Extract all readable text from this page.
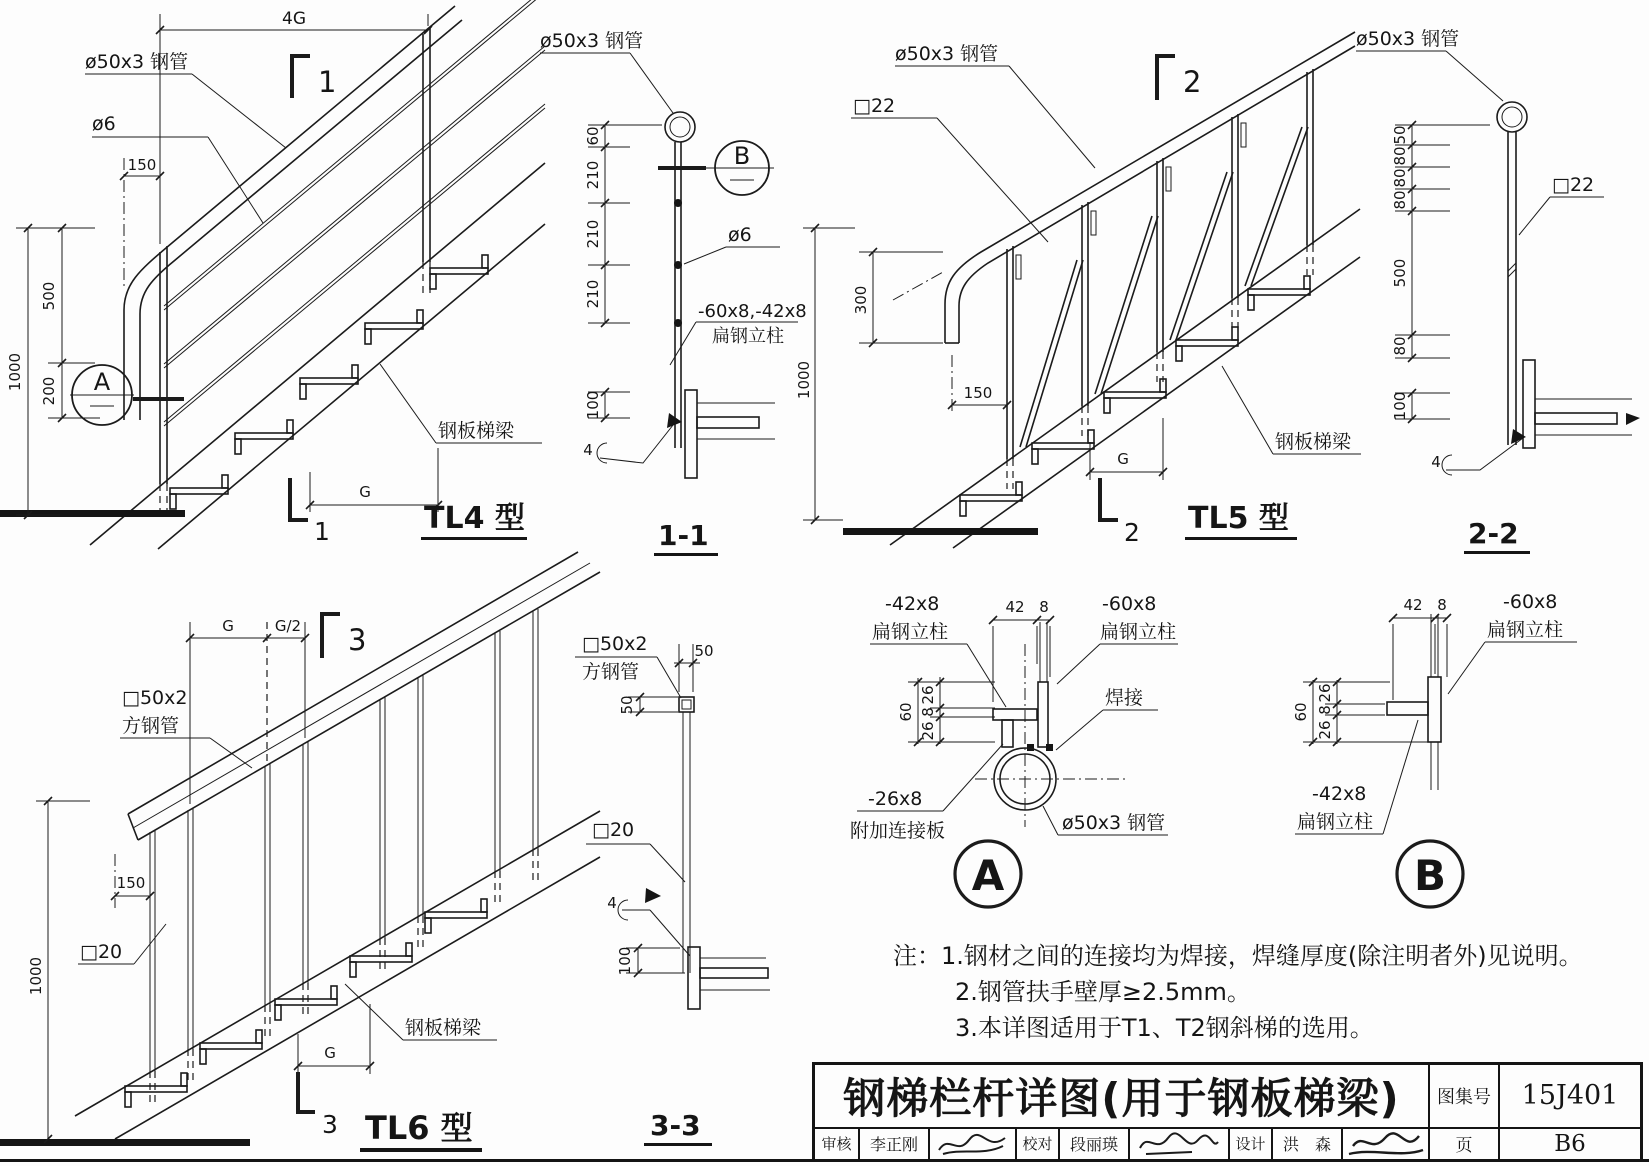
4G
150
1000
500
200 A
ø50x3 钢管
ø6
钢板梯梁
1
1
G
TL4 型
ø50x3 钢管
B
ø6
-60x8,-42x8
扁钢立柱
60
210
210
210
100
4
1-1
1000
300
150
G
ø50x3 钢管
□22
钢板梯梁
2
2 TL5 型
ø50x3 钢管
□22
50
80
80
80
500
80
100
4
2-2
G	G/2
150
1000
G
□50x2
方钢管
□20
钢板梯梁
3
3 TL6 型
□50x2
方钢管
50
50
□20
4
100
3-3
-42x8
扁钢立柱
42 8	-60x8
扁钢立柱
26
8
26
60
焊接
-26x8
附加连接板	ø50x3 钢管
A
42 8	-60x8
扁钢立柱
26
8
26
60
-42x8
扁钢立柱
B
注：1.钢材之间的连接均为焊接，焊缝厚度(除注明者外)见说明。
2.钢管扶手壁厚≥2.5mm。
3.本详图适用于T1、T2钢斜梯的选用。
钢梯栏杆详图(用于钢板梯梁)	图集号	15J401
审核	李正刚	校对	段丽瑛	设计	洪　森	页	B6
